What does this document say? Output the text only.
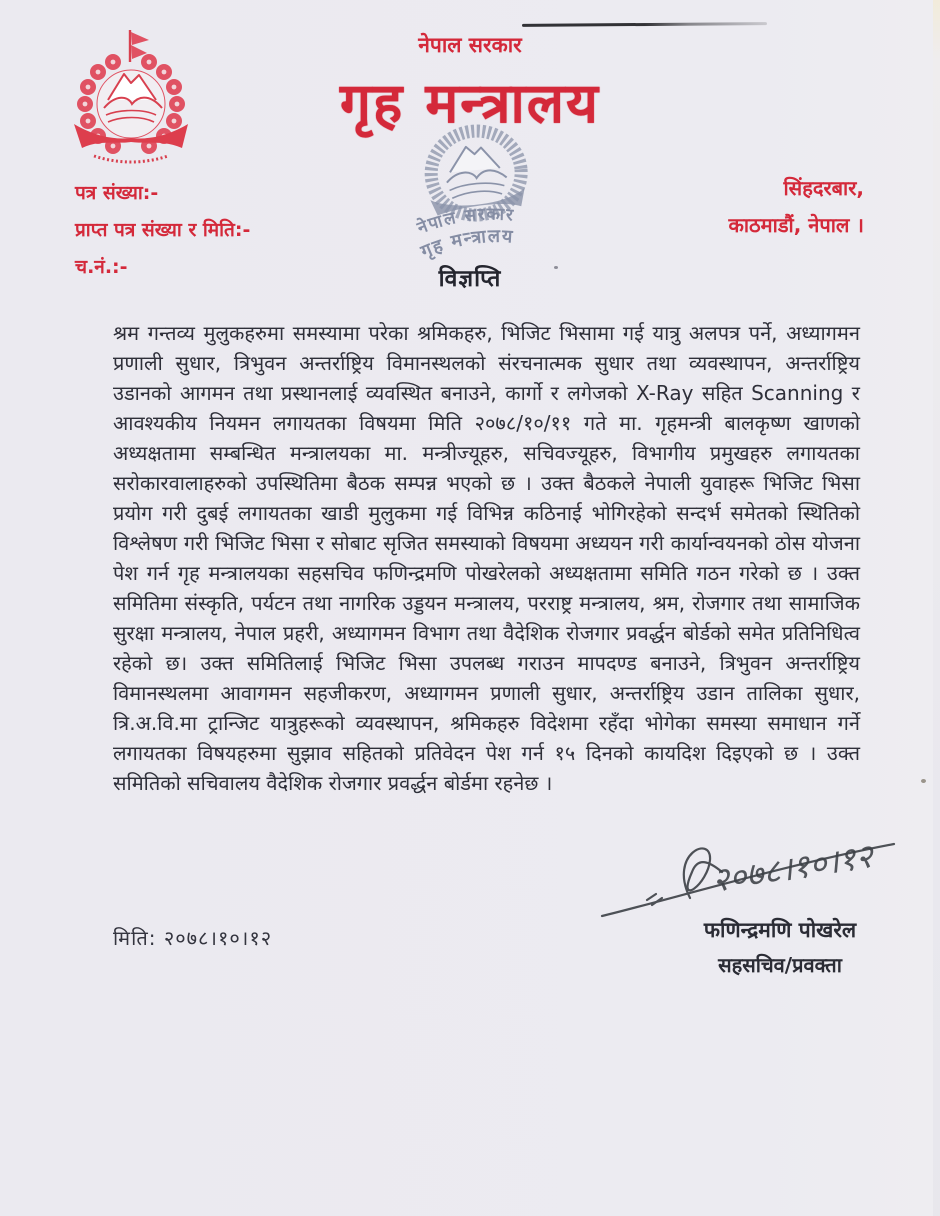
नेपाल सरकार
गृह मन्त्रालय
नेपाल सरकार
गृह मन्त्रालय
पत्र संख्या:-
प्राप्त पत्र संख्या र मिति:-
च.नं.:-
सिंहदरबार,
काठमाडौं, नेपाल ।
विज्ञप्ति
श्रम गन्तव्य मुलुकहरुमा समस्यामा परेका श्रमिकहरु, भिजिट भिसामा गई यात्रु अलपत्र पर्ने, अध्यागमन प्रणाली सुधार, त्रिभुवन अन्तर्राष्ट्रिय विमानस्थलको संरचनात्मक सुधार तथा व्यवस्थापन, अन्तर्राष्ट्रिय उडानको आगमन तथा प्रस्थानलाई व्यवस्थित बनाउने, कार्गो र लगेजको X-Ray सहित Scanning र आवश्यकीय नियमन लगायतका विषयमा मिति २०७८/१०/११ गते मा. गृहमन्त्री बालकृष्ण खाणको अध्यक्षतामा सम्बन्धित मन्त्रालयका मा. मन्त्रीज्यूहरु, सचिवज्यूहरु, विभागीय प्रमुखहरु लगायतका सरोकारवालाहरुको उपस्थितिमा बैठक सम्पन्न भएको छ । उक्त बैठकले नेपाली युवाहरू भिजिट भिसा प्रयोग गरी दुबई लगायतका खाडी मुलुकमा गई विभिन्न कठिनाई भोगिरहेको सन्दर्भ समेतको स्थितिको विश्लेषण गरी भिजिट भिसा र सोबाट सृजित समस्याको विषयमा अध्ययन गरी कार्यान्वयनको ठोस योजना पेश गर्न गृह मन्त्रालयका सहसचिव फणिन्द्रमणि पोखरेलको अध्यक्षतामा समिति गठन गरेको छ । उक्त समितिमा संस्कृति, पर्यटन तथा नागरिक उड्डयन मन्त्रालय, परराष्ट्र मन्त्रालय, श्रम, रोजगार तथा सामाजिक सुरक्षा मन्त्रालय, नेपाल प्रहरी, अध्यागमन विभाग तथा वैदेशिक रोजगार प्रवर्द्धन बोर्डको समेत प्रतिनिधित्व रहेको छ। उक्त समितिलाई भिजिट भिसा उपलब्ध गराउन मापदण्ड बनाउने, त्रिभुवन अन्तर्राष्ट्रिय विमानस्थलमा आवागमन सहजीकरण, अध्यागमन प्रणाली सुधार, अन्तर्राष्ट्रिय उडान तालिका सुधार, त्रि.अ.वि.मा ट्रान्जिट यात्रुहरूको व्यवस्थापन, श्रमिकहरु विदेशमा रहँदा भोगेका समस्या समाधान गर्ने लगायतका विषयहरुमा सुझाव सहितको प्रतिवेदन पेश गर्न १५ दिनको कायदिश दिइएको छ । उक्त समितिको सचिवालय वैदेशिक रोजगार प्रवर्द्धन बोर्डमा रहनेछ ।
२०७८।१०।१२
फणिन्द्रमणि पोखरेल
सहसचिव/प्रवक्ता
मिति: २०७८।१०।१२
